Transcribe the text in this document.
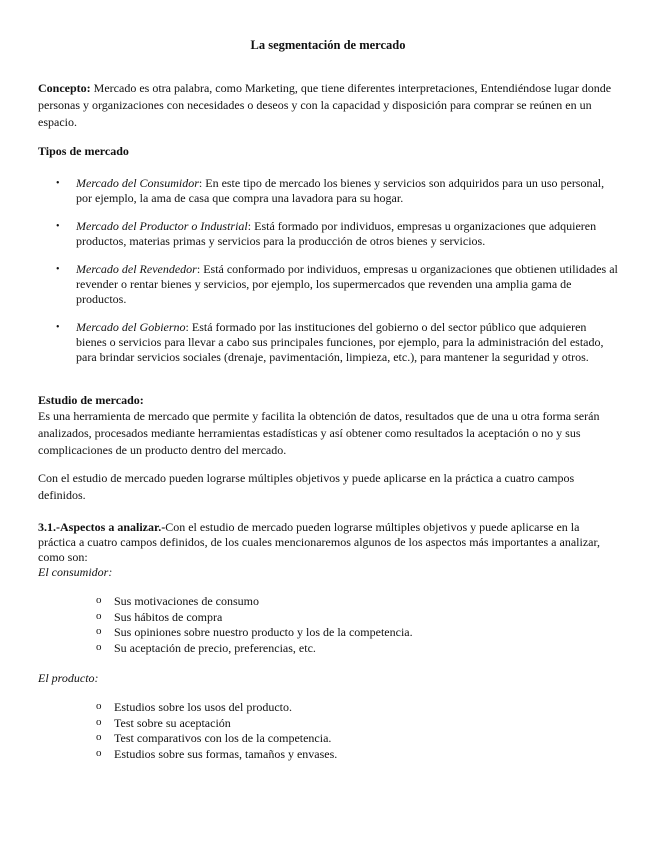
La segmentación de mercado

Concepto: Mercado es otra palabra, como Marketing, que tiene diferentes interpretaciones, Entendiéndose lugar donde personas y organizaciones con necesidades o deseos y con la capacidad y disposición para comprar se reúnen en un espacio.

Tipos de mercado

• Mercado del Consumidor: En este tipo de mercado los bienes y servicios son adquiridos para un uso personal, por ejemplo, la ama de casa que compra una lavadora para su hogar.
• Mercado del Productor o Industrial: Está formado por individuos, empresas u organizaciones que adquieren productos, materias primas y servicios para la producción de otros bienes y servicios.
• Mercado del Revendedor: Está conformado por individuos, empresas u organizaciones que obtienen utilidades al revender o rentar bienes y servicios, por ejemplo, los supermercados que revenden una amplia gama de productos.
• Mercado del Gobierno: Está formado por las instituciones del gobierno o del sector público que adquieren bienes o servicios para llevar a cabo sus principales funciones, por ejemplo, para la administración del estado, para brindar servicios sociales (drenaje, pavimentación, limpieza, etc.), para mantener la seguridad y otros.

Estudio de mercado:

Es una herramienta de mercado que permite y facilita la obtención de datos, resultados que de una u otra forma serán analizados, procesados mediante herramientas estadísticas y así obtener como resultados la aceptación o no y sus complicaciones de un producto dentro del mercado.

Con el estudio de mercado pueden lograrse múltiples objetivos y puede aplicarse en la práctica a cuatro campos definidos.

3.1.-Aspectos a analizar.-Con el estudio de mercado pueden lograrse múltiples objetivos y puede aplicarse en la práctica a cuatro campos definidos, de los cuales mencionaremos algunos de los aspectos más importantes a analizar, como son:

El consumidor:

o Sus motivaciones de consumo
o Sus hábitos de compra
o Sus opiniones sobre nuestro producto y los de la competencia.
o Su aceptación de precio, preferencias, etc.

El producto:

o Estudios sobre los usos del producto.
o Test sobre su aceptación
o Test comparativos con los de la competencia.
o Estudios sobre sus formas, tamaños y envases.
